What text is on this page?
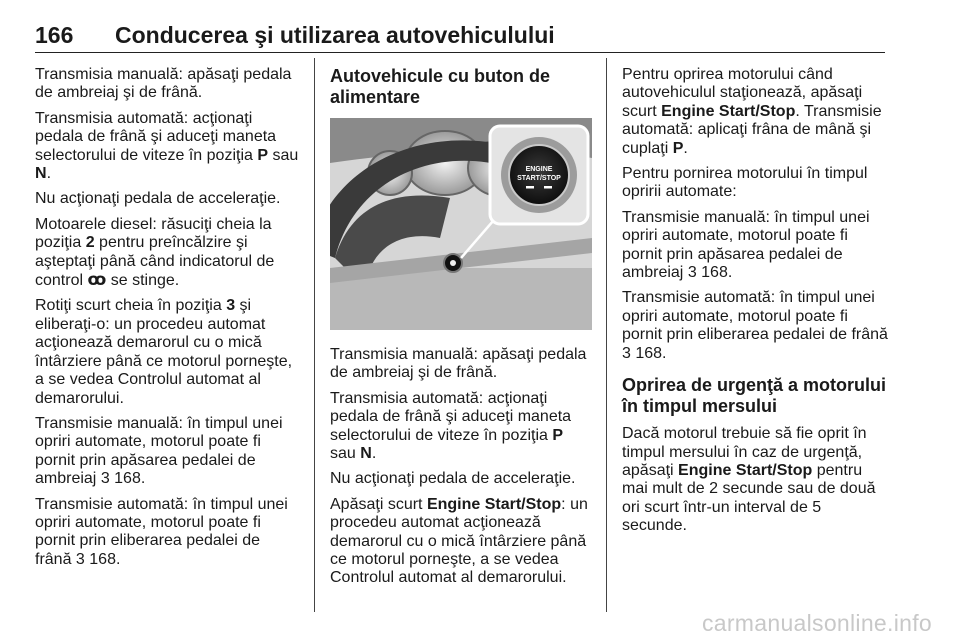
166 Conducerea şi utilizarea autovehiculului

Transmisia manuală: apăsaţi pedala de ambreiaj şi de frână.

Transmisia automată: acţionaţi pedala de frână şi aduceţi maneta selectorului de viteze în poziţia P sau N.

Nu acţionaţi pedala de acceleraţie.

Motoarele diesel: răsuciţi cheia la poziţia 2 pentru preîncălzire şi aşteptaţi până când indicatorul de control ꝏ se stinge.

Rotiţi scurt cheia în poziţia 3 şi eliberaţi-o: un procedeu automat acţionează demarorul cu o mică întârziere până ce motorul porneşte, a se vedea Controlul automat al demarorului.

Transmisie manuală: în timpul unei opriri automate, motorul poate fi pornit prin apăsarea pedalei de ambreiaj 3 168.

Transmisie automată: în timpul unei opriri automate, motorul poate fi pornit prin eliberarea pedalei de frână 3 168.

Autovehicule cu buton de alimentare
ENGINE
START/STOP

Transmisia manuală: apăsaţi pedala de ambreiaj şi de frână.

Transmisia automată: acţionaţi pedala de frână şi aduceţi maneta selectorului de viteze în poziţia P sau N.

Nu acţionaţi pedala de acceleraţie.

Apăsaţi scurt Engine Start/Stop: un procedeu automat acţionează demarorul cu o mică întârziere până ce motorul porneşte, a se vedea Controlul automat al demarorului.

Pentru oprirea motorului când autovehiculul staţionează, apăsaţi scurt Engine Start/Stop. Transmisie automată: aplicaţi frâna de mână şi cuplaţi P.

Pentru pornirea motorului în timpul opririi automate:

Transmisie manuală: în timpul unei opriri automate, motorul poate fi pornit prin apăsarea pedalei de ambreiaj 3 168.

Transmisie automată: în timpul unei opriri automate, motorul poate fi pornit prin eliberarea pedalei de frână 3 168.

Oprirea de urgenţă a motorului în timpul mersului

Dacă motorul trebuie să fie oprit în timpul mersului în caz de urgenţă, apăsaţi Engine Start/Stop pentru mai mult de 2 secunde sau de două ori scurt într-un interval de 5 secunde.

carmanualsonline.info
